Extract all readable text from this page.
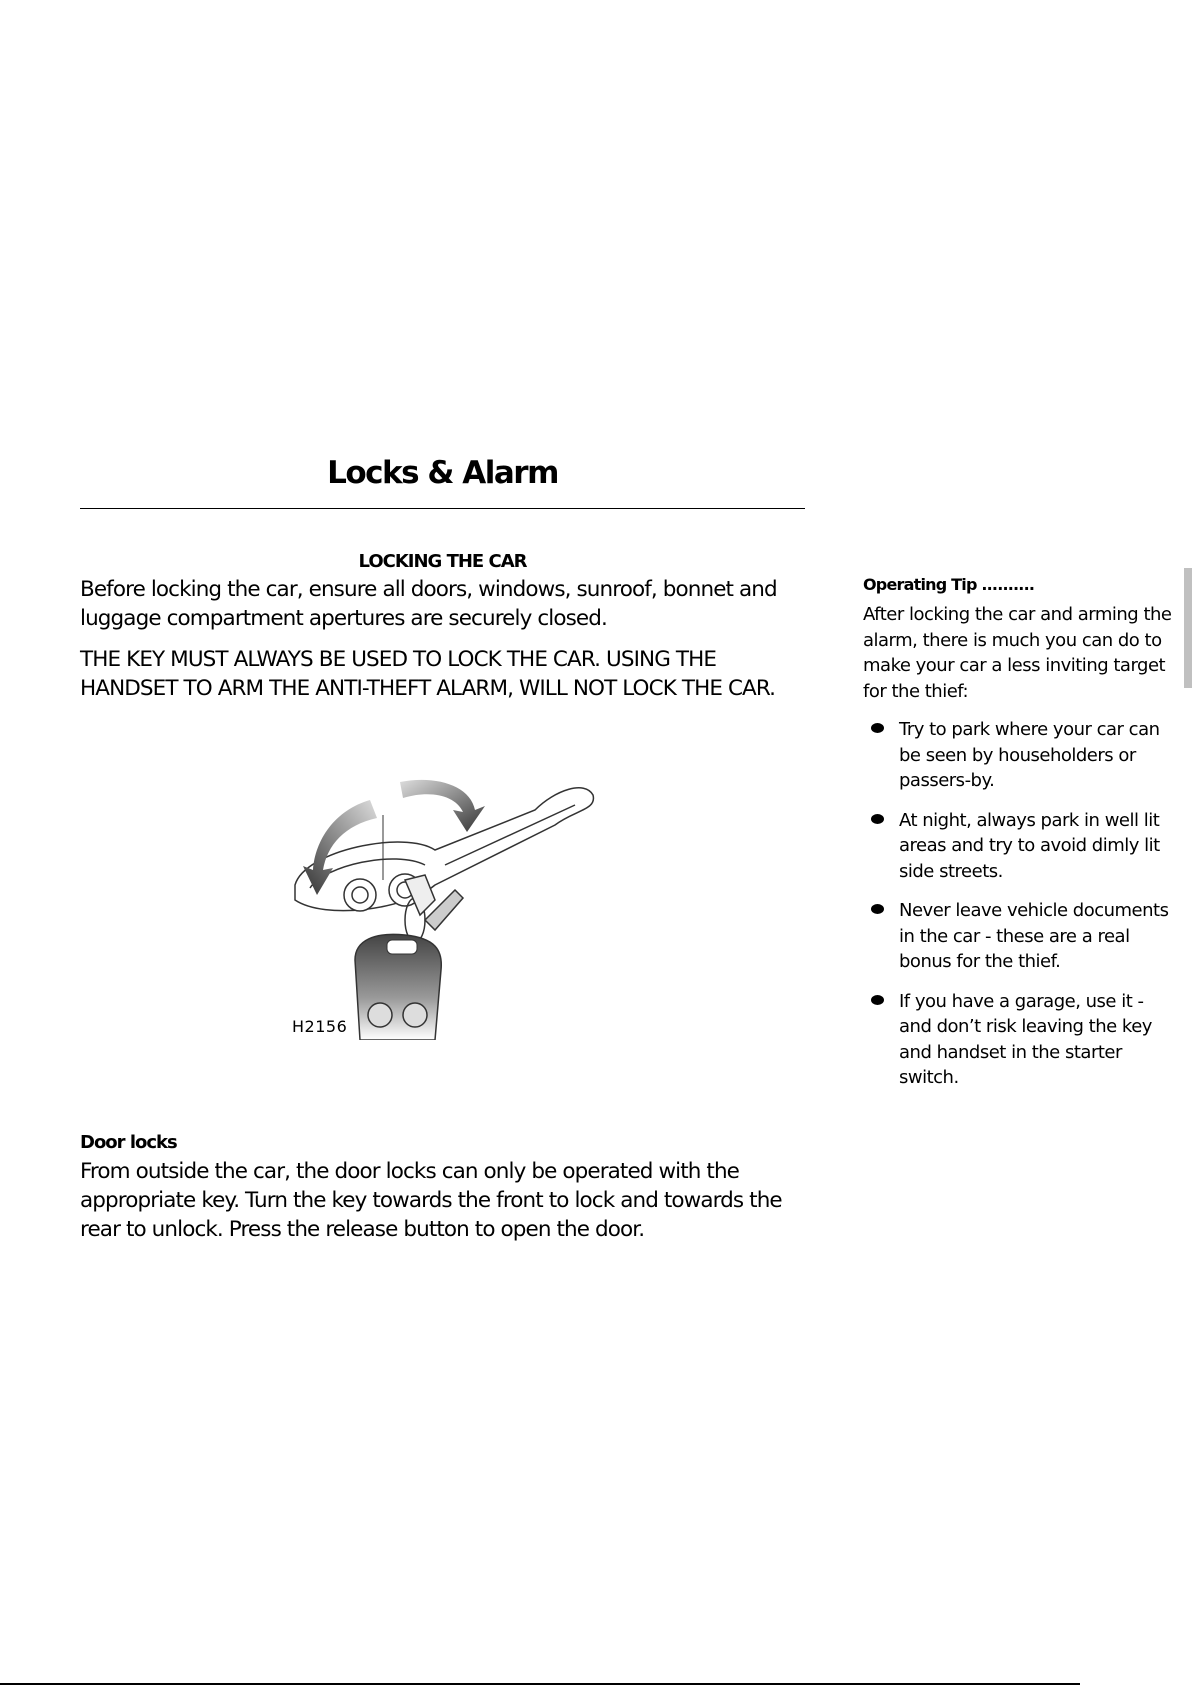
Locks & Alarm
LOCKING THE CAR
Before locking the car, ensure all doors, windows, sunroof, bonnet and luggage compartment apertures are securely closed.
THE KEY MUST ALWAYS BE USED TO LOCK THE CAR. USING THE HANDSET TO ARM THE ANTI-THEFT ALARM, WILL NOT LOCK THE CAR.
H2156
Door locks
From outside the car, the door locks can only be operated with the appropriate key. Turn the key towards the front to lock and towards the rear to unlock. Press the release button to open the door.
Operating Tip ..........
After locking the car and arming the alarm, there is much you can do to make your car a less inviting target for the thief:
Try to park where your car can be seen by householders or passers-by.
At night, always park in well lit areas and try to avoid dimly lit side streets.
Never leave vehicle documents in the car - these are a real bonus for the thief.
If you have a garage, use it - and don’t risk leaving the key and handset in the starter switch.
